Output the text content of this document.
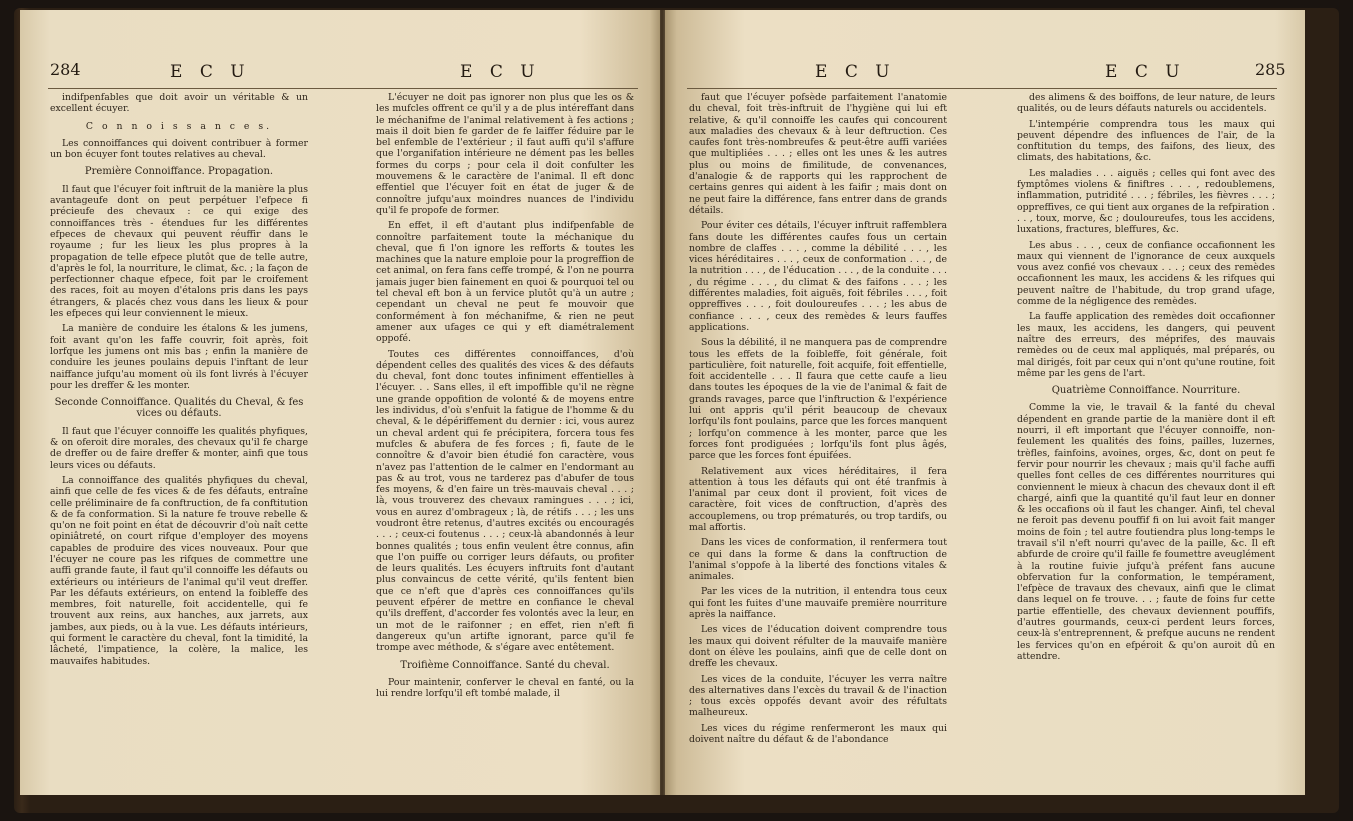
284	E C U	E C U

indifpenfables que doit avoir un véritable & un excellent écuyer.

C o n n o i s s a n c e s.

Les connoiffances qui doivent contribuer à former un bon écuyer font toutes relatives au cheval.

Première Connoiffance. Propagation.

Il faut que l'écuyer foit inftruit de la manière la plus avantageufe dont on peut perpétuer l'efpece fi précieufe des chevaux : ce qui exige des connoiffances très - étendues fur les différentes efpeces de chevaux qui peuvent réuffir dans le royaume ; fur les lieux les plus propres à la propagation de telle efpece plutôt que de telle autre, d'après le fol, la nourriture, le climat, &c. ; la façon de perfectionner chaque efpece, foit par le croifement des races, foit au moyen d'étalons pris dans les pays étrangers, & placés chez vous dans les lieux & pour les efpeces qui leur conviennent le mieux.

La manière de conduire les étalons & les jumens, foit avant qu'on les faffe couvrir, foit après, foit lorfque les jumens ont mis bas ; enfin la manière de conduire les jeunes poulains depuis l'inftant de leur naiffance jufqu'au moment où ils font livrés à l'écuyer pour les dreffer & les monter.

Seconde Connoiffance. Qualités du Cheval, & fes vices ou défauts.

Il faut que l'écuyer connoiffe les qualités phyfiques, & on oferoit dire morales, des chevaux qu'il fe charge de dreffer ou de faire dreffer & monter, ainfi que tous leurs vices ou défauts.

La connoiffance des qualités phyfiques du cheval, ainfi que celle de fes vices & de fes défauts, entraîne celle préliminaire de fa conftruction, de fa conftitution & de fa conformation. Si la nature fe trouve rebelle & qu'on ne foit point en état de découvrir d'où naît cette opiniâtreté, on court rifque d'employer des moyens capables de produire des vices nouveaux. Pour que l'écuyer ne coure pas les rifques de commettre une auffi grande faute, il faut qu'il connoiffe les défauts ou extérieurs ou intérieurs de l'animal qu'il veut dreffer. Par les défauts extérieurs, on entend la foibleffe des membres, foit naturelle, foit accidentelle, qui fe trouvent aux reins, aux hanches, aux jarrets, aux jambes, aux pieds, ou à la vue. Les défauts intérieurs, qui forment le caractère du cheval, font la timidité, la lâcheté, l'impatience, la colère, la malice, les mauvaifes habitudes.

L'écuyer ne doit pas ignorer non plus que les os & les mufcles offrent ce qu'il y a de plus intéreffant dans le méchanifme de l'animal relativement à fes actions ; mais il doit bien fe garder de fe laiffer féduire par le bel enfemble de l'extérieur ; il faut auffi qu'il s'affure que l'organifation intérieure ne dément pas les belles formes du corps ; pour cela il doit confulter les mouvemens & le caractère de l'animal. Il eft donc effentiel que l'écuyer foit en état de juger & de connoître jufqu'aux moindres nuances de l'individu qu'il fe propofe de former.

En effet, il eft d'autant plus indifpenfable de connoître parfaitement toute la méchanique du cheval, que fi l'on ignore les refforts & toutes les machines que la nature emploie pour la progreffion de cet animal, on fera fans ceffe trompé, & l'on ne pourra jamais juger bien fainement en quoi & pourquoi tel ou tel cheval eft bon à un fervice plutôt qu'à un autre ; cependant un cheval ne peut fe mouvoir que conformément à fon méchanifme, & rien ne peut amener aux ufages ce qui y eft diamétralement oppofé.

Toutes ces différentes connoiffances, d'où dépendent celles des qualités des vices & des défauts du cheval, font donc toutes infiniment effentielles à l'écuyer. . . Sans elles, il eft impoffible qu'il ne règne une grande oppofition de volonté & de moyens entre les individus, d'où s'enfuit la fatigue de l'homme & du cheval, & le dépériffement du dernier : ici, vous aurez un cheval ardent qui fe précipitera, forcera tous fes mufcles & abufera de fes forces ; fi, faute de le connoître & d'avoir bien étudié fon caractère, vous n'avez pas l'attention de le calmer en l'endormant au pas & au trot, vous ne tarderez pas d'abufer de tous fes moyens, & d'en faire un très-mauvais cheval . . . ; là, vous trouverez des chevaux ramingues . . . ; ici, vous en aurez d'ombrageux ; là, de rétifs . . . ; les uns voudront être retenus, d'autres excités ou encouragés . . . ; ceux-ci foutenus . . . ; ceux-là abandonnés à leur bonnes qualités ; tous enfin veulent être connus, afin que l'on puiffe ou corriger leurs défauts, ou profiter de leurs qualités. Les écuyers inftruits font d'autant plus convaincus de cette vérité, qu'ils fentent bien que ce n'eft que d'après ces connoiffances qu'ils peuvent efpérer de mettre en confiance le cheval qu'ils dreffent, d'accorder fes volontés avec la leur, en un mot de le raifonner ; en effet, rien n'eft fi dangereux qu'un artifte ignorant, parce qu'il fe trompe avec méthode, & s'égare avec entêtement.

Troifième Connoiffance. Santé du cheval.

Pour maintenir, conferver le cheval en fanté, ou la lui rendre lorfqu'il eft tombé malade, il

E C U	E C U	285

faut que l'écuyer pofsède parfaitement l'anatomie du cheval, foit très-inftruit de l'hygiène qui lui eft relative, & qu'il connoiffe les caufes qui concourent aux maladies des chevaux & à leur deftruction. Ces caufes font très-nombreufes & peut-être auffi variées que multipliées . . . ; elles ont les unes & les autres plus ou moins de fimilitude, de convenances, d'analogie & de rapports qui les rapprochent de certains genres qui aident à les faifir ; mais dont on ne peut faire la différence, fans entrer dans de grands détails.

Pour éviter ces détails, l'écuyer inftruit raffemblera fans doute les différentes caufes fous un certain nombre de claffes . . . , comme la débilité . . . , les vices héréditaires . . . , ceux de conformation . . . , de la nutrition . . . , de l'éducation . . . , de la conduite . . . , du régime . . . , du climat & des faifons . . . ; les différentes maladies, foit aiguës, foit fébriles . . . , foit oppreffives . . . , foit douloureufes . . . ; les abus de confiance . . . , ceux des remèdes & leurs fauffes applications.

Sous la débilité, il ne manquera pas de comprendre tous les effets de la foibleffe, foit générale, foit particulière, foit naturelle, foit acquife, foit effentielle, foit accidentelle . . . Il faura que cette caufe a lieu dans toutes les époques de la vie de l'animal & fait de grands ravages, parce que l'inftruction & l'expérience lui ont appris qu'il périt beaucoup de chevaux lorfqu'ils font poulains, parce que les forces manquent ; lorfqu'on commence à les monter, parce que les forces font prodiguées ; lorfqu'ils font plus âgés, parce que les forces font épuifées.

Relativement aux vices héréditaires, il fera attention à tous les défauts qui ont été tranfmis à l'animal par ceux dont il provient, foit vices de caractère, foit vices de conftruction, d'après des accouplemens, ou trop prématurés, ou trop tardifs, ou mal affortis.

Dans les vices de conformation, il renfermera tout ce qui dans la forme & dans la conftruction de l'animal s'oppofe à la liberté des fonctions vitales & animales.

Par les vices de la nutrition, il entendra tous ceux qui font les fuites d'une mauvaife première nourriture après la naiffance.

Les vices de l'éducation doivent comprendre tous les maux qui doivent réfulter de la mauvaife manière dont on élève les poulains, ainfi que de celle dont on dreffe les chevaux.

Les vices de la conduite, l'écuyer les verra naître des alternatives dans l'excès du travail & de l'inaction ; tous excès oppofés devant avoir des réfultats malheureux.

Les vices du régime renfermeront les maux qui doivent naître du défaut & de l'abondance

des alimens & des boiffons, de leur nature, de leurs qualités, ou de leurs défauts naturels ou accidentels.

L'intempérie comprendra tous les maux qui peuvent dépendre des influences de l'air, de la conftitution du temps, des faifons, des lieux, des climats, des habitations, &c.

Les maladies . . . aiguës ; celles qui font avec des fymptômes violens & finiftres . . . , redoublemens, inflammation, putridité . . . ; fébriles, les fièvres . . . ; oppreffives, ce qui tient aux organes de la refpiration . . . , toux, morve, &c ; douloureufes, tous les accidens, luxations, fractures, bleffures, &c.

Les abus . . . , ceux de confiance occafionnent les maux qui viennent de l'ignorance de ceux auxquels vous avez confié vos chevaux . . . ; ceux des remèdes occafionnent les maux, les accidens & les rifques qui peuvent naître de l'habitude, du trop grand ufage, comme de la négligence des remèdes.

La fauffe application des remèdes doit occafionner les maux, les accidens, les dangers, qui peuvent naître des erreurs, des méprifes, des mauvais remèdes ou de ceux mal appliqués, mal préparés, ou mal dirigés, foit par ceux qui n'ont qu'une routine, foit même par les gens de l'art.

Quatrième Connoiffance. Nourriture.

Comme la vie, le travail & la fanté du cheval dépendent en grande partie de la manière dont il eft nourri, il eft important que l'écuyer connoiffe, non-feulement les qualités des foins, pailles, luzernes, trèfles, fainfoins, avoines, orges, &c, dont on peut fe fervir pour nourrir les chevaux ; mais qu'il fache auffi quelles font celles de ces différentes nourritures qui conviennent le mieux à chacun des chevaux dont il eft chargé, ainfi que la quantité qu'il faut leur en donner & les occafions où il faut les changer. Ainfi, tel cheval ne feroit pas devenu pouffif fi on lui avoit fait manger moins de foin ; tel autre foutiendra plus long-temps le travail s'il n'eft nourri qu'avec de la paille, &c. Il eft abfurde de croire qu'il faille fe foumettre aveuglément à la routine fuivie jufqu'à préfent fans aucune obfervation fur la conformation, le tempérament, l'efpèce de travaux des chevaux, ainfi que le climat dans lequel on fe trouve. . . ; faute de foins fur cette partie effentielle, des chevaux deviennent pouffifs, d'autres gourmands, ceux-ci perdent leurs forces, ceux-là s'entreprennent, & prefque aucuns ne rendent les fervices qu'on en efpéroit & qu'on auroit dû en attendre.
